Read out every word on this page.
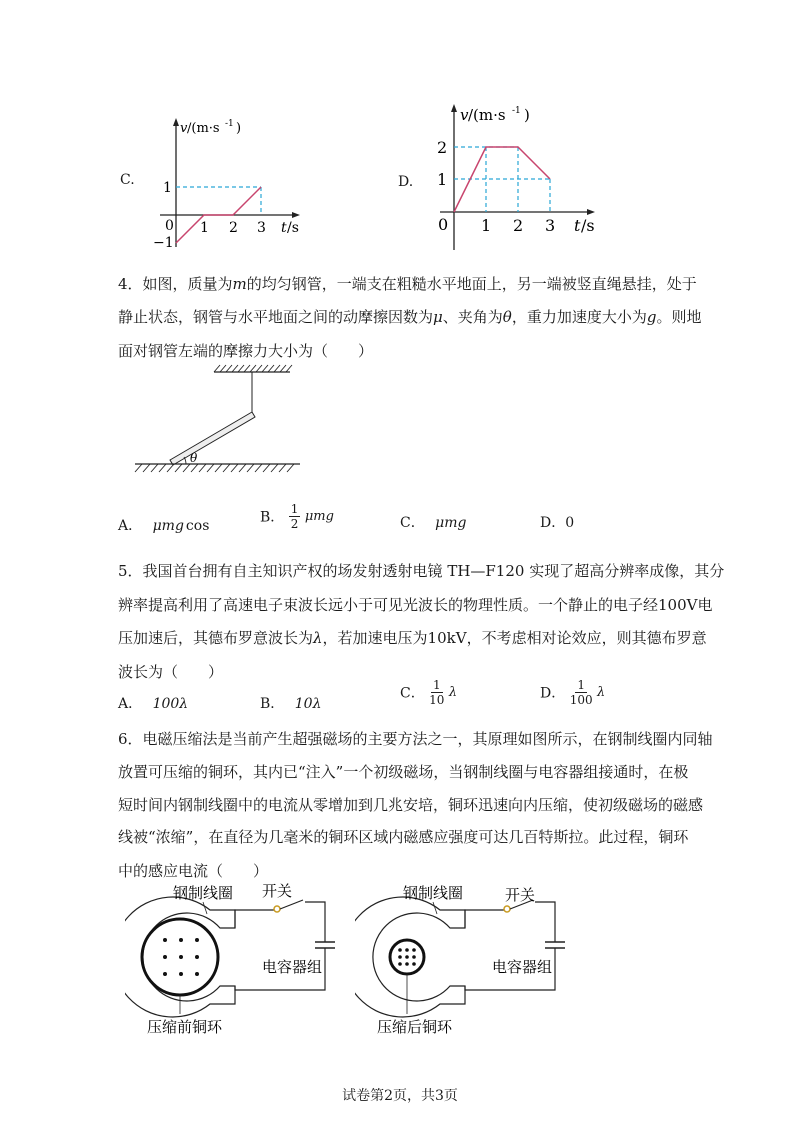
C.
v /(m·s -1 )
1
0
−1
1 2 3 t /s
D.
v /(m·s -1 )
2
1
0 1 2 3 t /s
4．如图，质量为m的均匀钢管，一端支在粗糙水平地面上，另一端被竖直绳悬挂，处于
静止状态，钢管与水平地面之间的动摩擦因数为μ、夹角为θ，重力加速度大小为g。则地
面对钢管左端的摩擦力大小为（　　）
θ
A． μmg cos
B． $\frac{1}{2}$ μmg	C． μmg	D．0
5．我国首台拥有自主知识产权的场发射透射电镜 TH—F120 实现了超高分辨率成像，其分
辨率提高利用了高速电子束波长远小于可见光波长的物理性质。一个静止的电子经100V电
压加速后，其德布罗意波长为λ，若加速电压为10kV，不考虑相对论效应，则其德布罗意
波长为（　　）
A． 100λ	B． 10λ
C． $\frac{1}{10}$ λ	D． $\frac{1}{100}$ λ
6．电磁压缩法是当前产生超强磁场的主要方法之一，其原理如图所示，在钢制线圈内同轴
放置可压缩的铜环，其内已“注入”一个初级磁场，当钢制线圈与电容器组接通时，在极
短时间内钢制线圈中的电流从零增加到几兆安培，铜环迅速向内压缩，使初级磁场的磁感
线被“浓缩”，在直径为几毫米的铜环区域内磁感应强度可达几百特斯拉。此过程，铜环
中的感应电流（　　）
钢制线圈 开关
电容器组
压缩前铜环
钢制线圈	开关
电容器组
压缩后铜环
试卷第2页，共3页
